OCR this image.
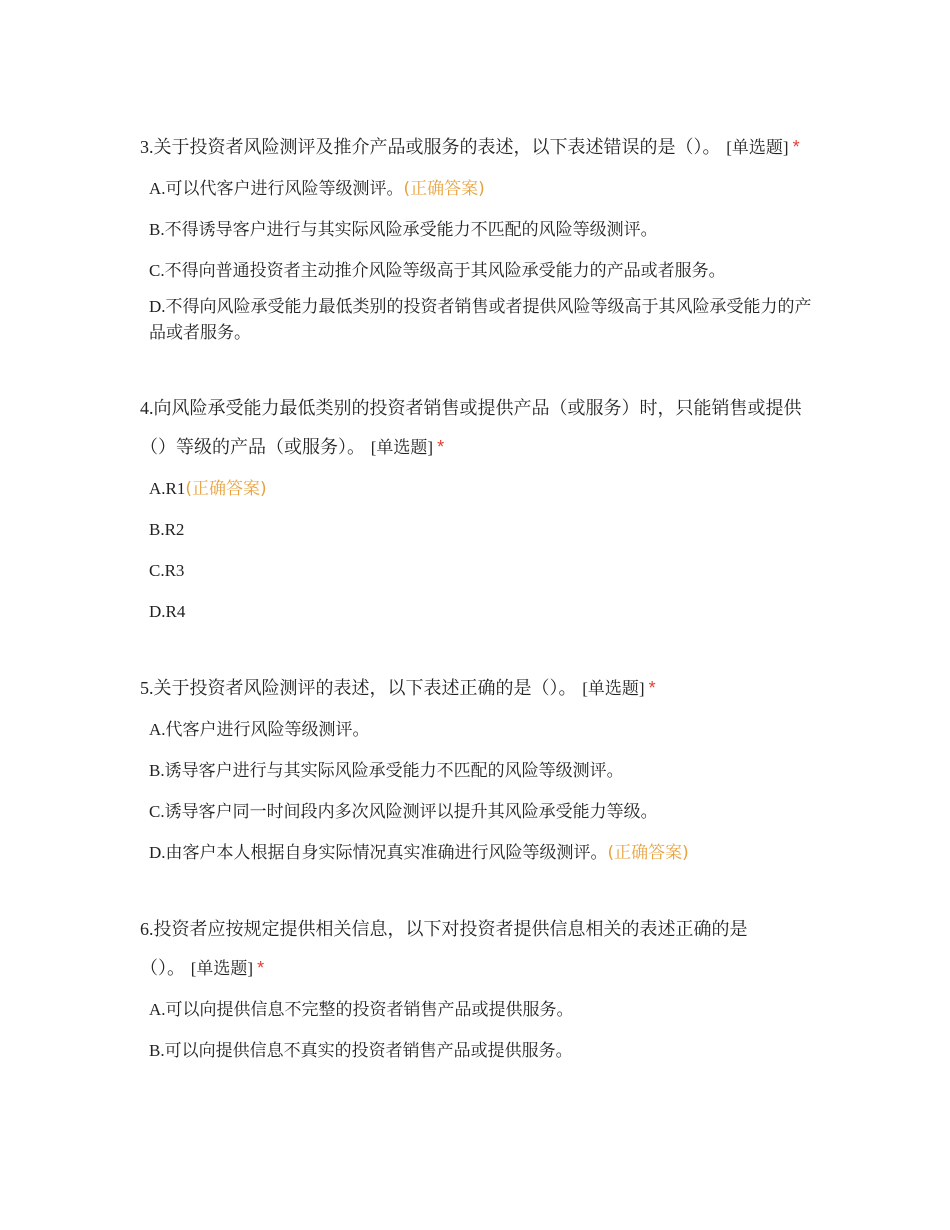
3.关于投资者风险测评及推介产品或服务的表述，以下表述错误的是（）。 [单选题] *

A.可以代客户进行风险等级测评。(正确答案)
B.不得诱导客户进行与其实际风险承受能力不匹配的风险等级测评。
C.不得向普通投资者主动推介风险等级高于其风险承受能力的产品或者服务。
D.不得向风险承受能力最低类别的投资者销售或者提供风险等级高于其风险承受能力的产品或者服务。

4.向风险承受能力最低类别的投资者销售或提供产品（或服务）时，只能销售或提供（）等级的产品（或服务）。 [单选题] *

A.R1(正确答案)
B.R2
C.R3
D.R4

5.关于投资者风险测评的表述，以下表述正确的是（）。 [单选题] *

A.代客户进行风险等级测评。
B.诱导客户进行与其实际风险承受能力不匹配的风险等级测评。
C.诱导客户同一时间段内多次风险测评以提升其风险承受能力等级。
D.由客户本人根据自身实际情况真实准确进行风险等级测评。(正确答案)

6.投资者应按规定提供相关信息，以下对投资者提供信息相关的表述正确的是（）。 [单选题] *

A.可以向提供信息不完整的投资者销售产品或提供服务。
B.可以向提供信息不真实的投资者销售产品或提供服务。
